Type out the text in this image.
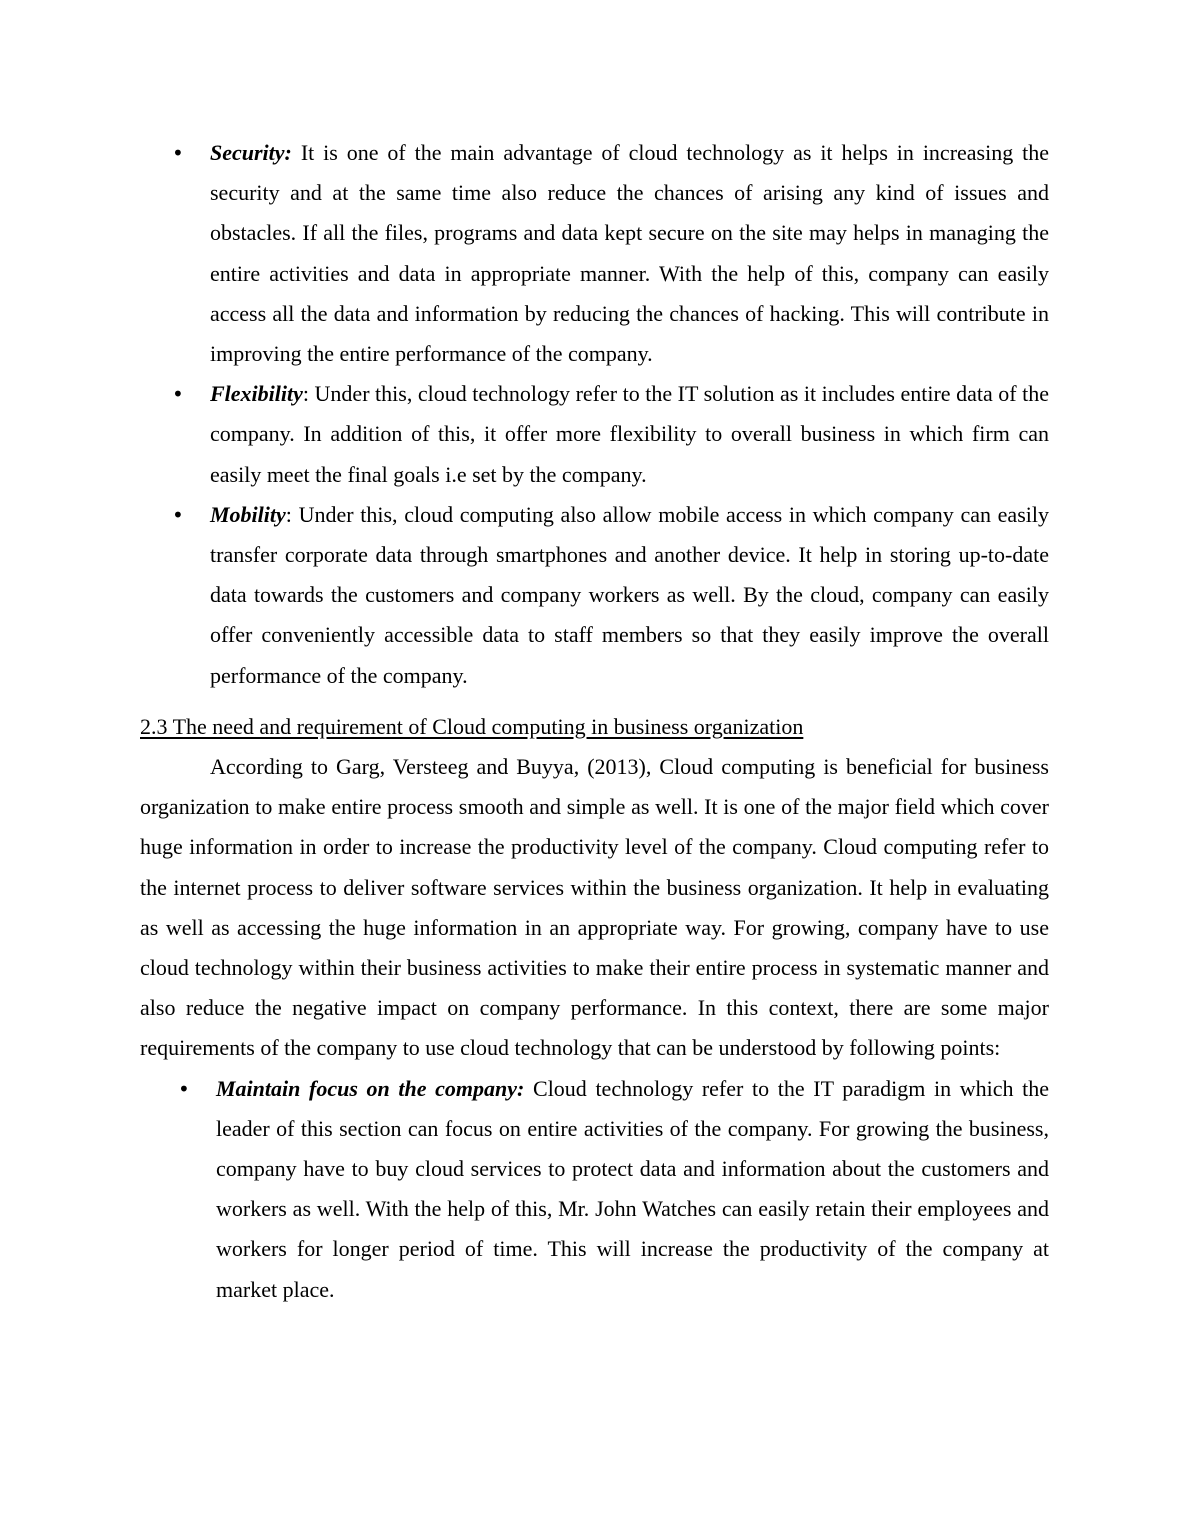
• Security: It is one of the main advantage of cloud technology as it helps in increasing the security and at the same time also reduce the chances of arising any kind of issues and obstacles. If all the files, programs and data kept secure on the site may helps in managing the entire activities and data in appropriate manner. With the help of this, company can easily access all the data and information by reducing the chances of hacking. This will contribute in improving the entire performance of the company.
• Flexibility: Under this, cloud technology refer to the IT solution as it includes entire data of the company. In addition of this, it offer more flexibility to overall business in which firm can easily meet the final goals i.e set by the company.
• Mobility: Under this, cloud computing also allow mobile access in which company can easily transfer corporate data through smartphones and another device. It help in storing up-to-date data towards the customers and company workers as well. By the cloud, company can easily offer conveniently accessible data to staff members so that they easily improve the overall performance of the company.
2.3 The need and requirement of Cloud computing in business organization

According to Garg, Versteeg and Buyya, (2013), Cloud computing is beneficial for business organization to make entire process smooth and simple as well. It is one of the major field which cover huge information in order to increase the productivity level of the company. Cloud computing refer to the internet process to deliver software services within the business organization. It help in evaluating as well as accessing the huge information in an appropriate way. For growing, company have to use cloud technology within their business activities to make their entire process in systematic manner and also reduce the negative impact on company performance. In this context, there are some major requirements of the company to use cloud technology that can be understood by following points:

• Maintain focus on the company: Cloud technology refer to the IT paradigm in which the leader of this section can focus on entire activities of the company. For growing the business, company have to buy cloud services to protect data and information about the customers and workers as well. With the help of this, Mr. John Watches can easily retain their employees and workers for longer period of time. This will increase the productivity of the company at market place.
